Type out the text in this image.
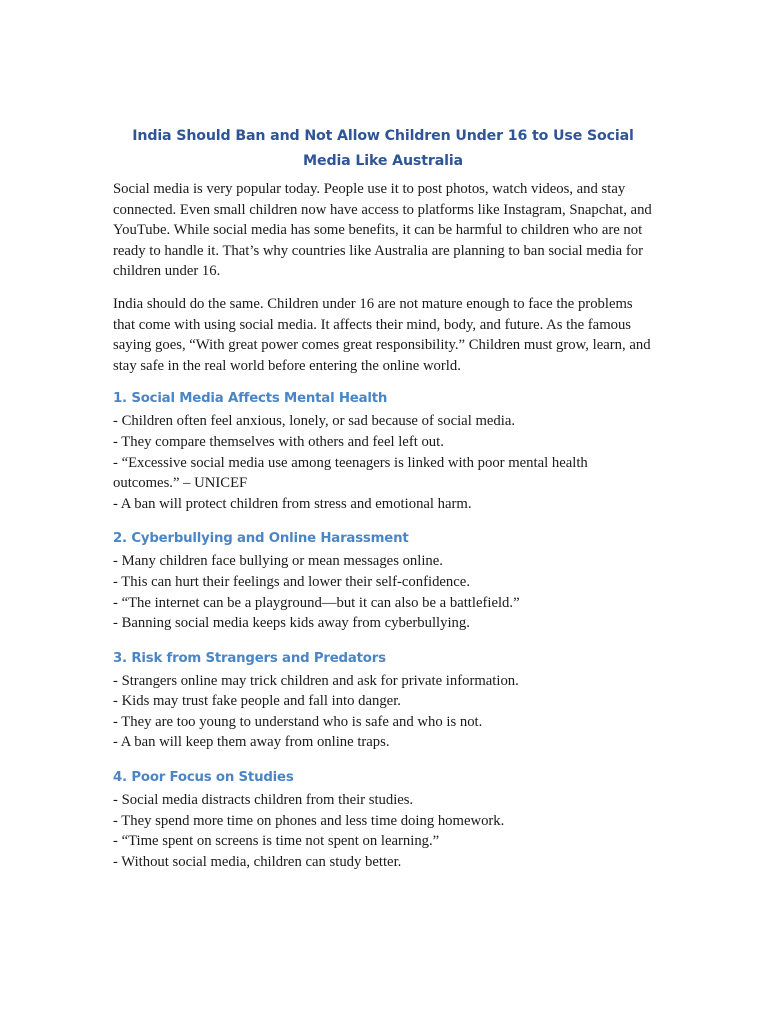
India Should Ban and Not Allow Children Under 16 to Use Social Media Like Australia

Social media is very popular today. People use it to post photos, watch videos, and stay connected. Even small children now have access to platforms like Instagram, Snapchat, and YouTube. While social media has some benefits, it can be harmful to children who are not ready to handle it. That’s why countries like Australia are planning to ban social media for children under 16.

India should do the same. Children under 16 are not mature enough to face the problems that come with using social media. It affects their mind, body, and future. As the famous saying goes, “With great power comes great responsibility.” Children must grow, learn, and stay safe in the real world before entering the online world.

1. Social Media Affects Mental Health
- Children often feel anxious, lonely, or sad because of social media.
- They compare themselves with others and feel left out.
- “Excessive social media use among teenagers is linked with poor mental health outcomes.” – UNICEF
- A ban will protect children from stress and emotional harm.
2. Cyberbullying and Online Harassment
- Many children face bullying or mean messages online.
- This can hurt their feelings and lower their self-confidence.
- “The internet can be a playground—but it can also be a battlefield.”
- Banning social media keeps kids away from cyberbullying.
3. Risk from Strangers and Predators
- Strangers online may trick children and ask for private information.
- Kids may trust fake people and fall into danger.
- They are too young to understand who is safe and who is not.
- A ban will keep them away from online traps.
4. Poor Focus on Studies
- Social media distracts children from their studies.
- They spend more time on phones and less time doing homework.
- “Time spent on screens is time not spent on learning.”
- Without social media, children can study better.
